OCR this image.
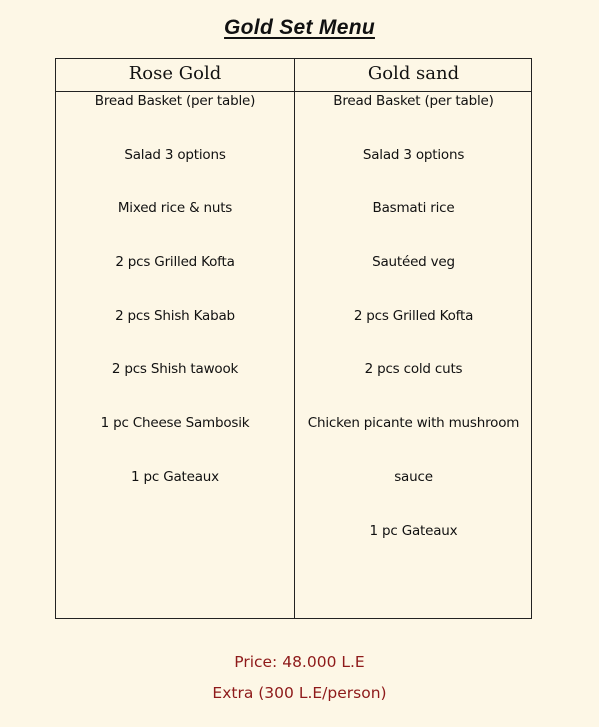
Gold Set Menu
Rose Gold	Gold sand
Bread Basket (per table)
Salad 3 options
Mixed rice & nuts
2 pcs Grilled Kofta
2 pcs Shish Kabab
2 pcs Shish tawook
1 pc Cheese Sambosik
1 pc Gateaux
Bread Basket (per table)
Salad 3 options
Basmati rice
Sautéed veg
2 pcs Grilled Kofta
2 pcs cold cuts
Chicken picante with mushroom
sauce
1 pc Gateaux
Price: 48.000 L.E
Extra (300 L.E/person)
